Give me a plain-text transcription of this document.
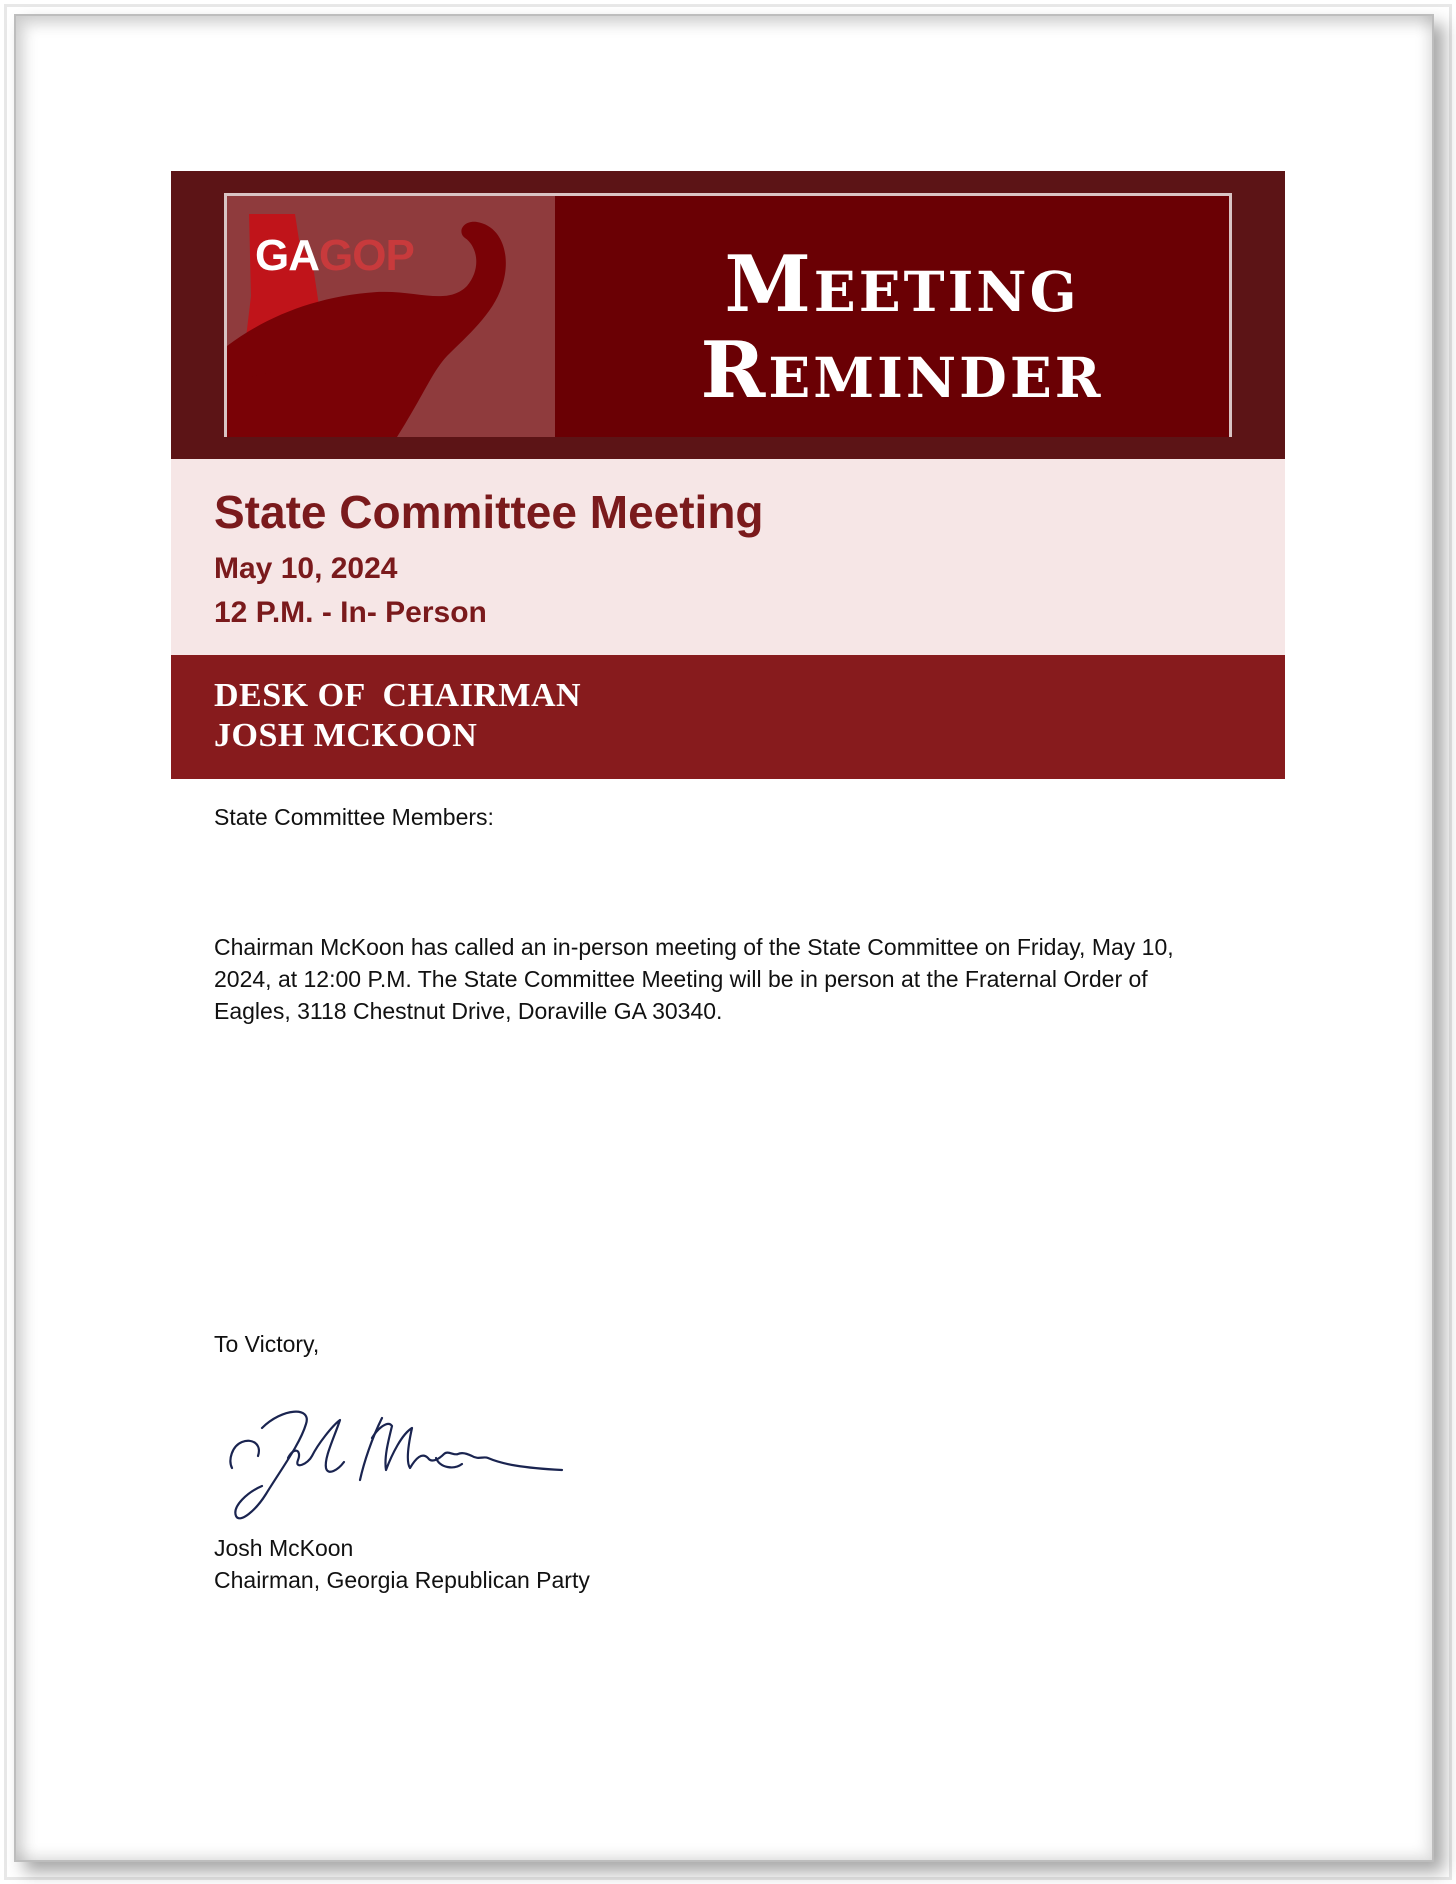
GAGOP	Meeting
Reminder
State Committee Meeting
May 10, 2024
12 P.M. - In- Person
DESK OF  CHAIRMAN
JOSH MCKOON
State Committee Members:
Chairman McKoon has called an in-person meeting of the State Committee on Friday, May 10, 2024, at 12:00 P.M. The State Committee Meeting will be in person at the Fraternal Order of Eagles, 3118 Chestnut Drive, Doraville GA 30340.
To Victory,
Josh McKoon
Chairman, Georgia Republican Party
